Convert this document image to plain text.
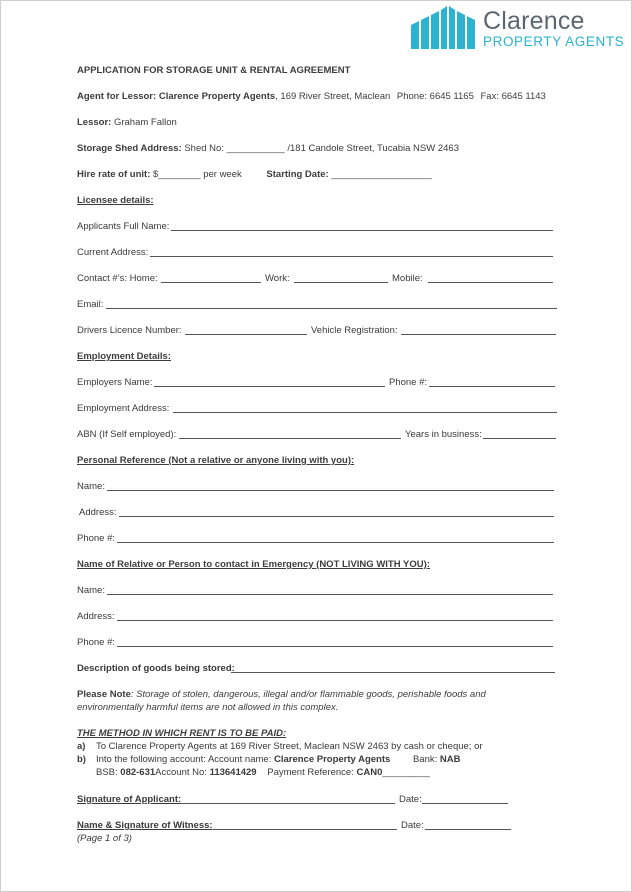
Clarence
PROPERTY AGENTS
APPLICATION FOR STORAGE UNIT & RENTAL AGREEMENT
Agent for Lessor: Clarence Property Agents, 169 River Street, Maclean Phone: 6645 1165 Fax: 6645 1143
Lessor: Graham Fallon
Storage Shed Address: Shed No: ___________ /181 Candole Street, Tucabia NSW 2463
Hire rate of unit: $________ per week	Starting Date: ___________________
Licensee details:
Applicants Full Name:
Current Address:
Contact #’s: Home:	Work:	Mobile:
Email:
Drivers Licence Number:	Vehicle Registration:
Employment Details:
Employers Name:	Phone #:
Employment Address:
ABN (If Self employed):	Years in business:
Personal Reference (Not a relative or anyone living with you):
Name:
Address:
Phone #:
Name of Relative or Person to contact in Emergency (NOT LIVING WITH YOU):
Name:
Address:
Phone #:
Description of goods being stored:
Please Note: Storage of stolen, dangerous, illegal and/or flammable goods, perishable foods and
environmentally harmful items are not allowed in this complex.
THE METHOD IN WHICH RENT IS TO BE PAID:
a) To Clarence Property Agents at 169 River Street, Maclean NSW 2463 by cash or cheque; or
b) Into the following account: Account name: Clarence Property Agents Bank: NAB
BSB: 082-631Account No: 113641429 Payment Reference: CAN0_________
Signature of Applicant:	Date:
Name & Signature of Witness:	Date:
(Page 1 of 3)
